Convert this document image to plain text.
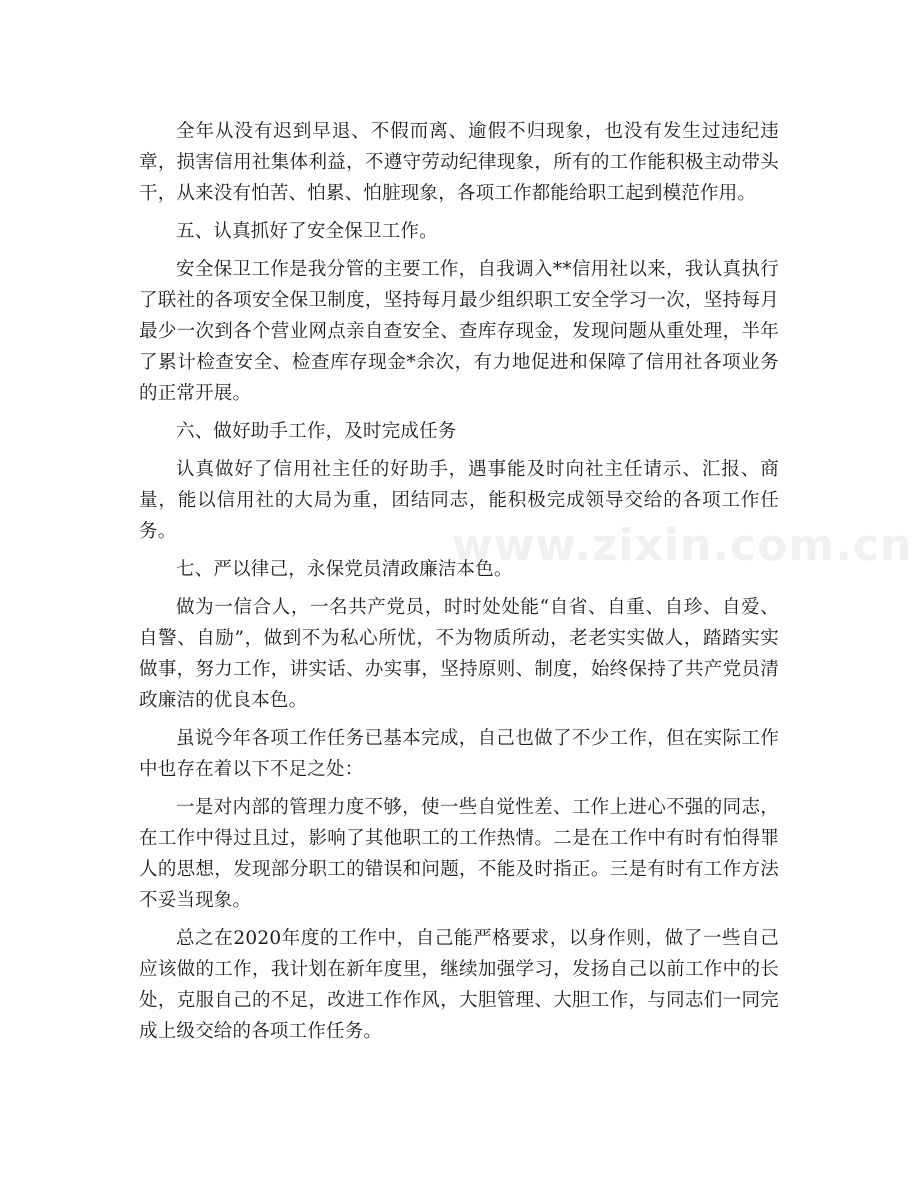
全年从没有迟到早退、不假而离、逾假不归现象，也没有发生过违纪违章，损害信用社集体利益，不遵守劳动纪律现象，所有的工作能积极主动带头干，从来没有怕苦、怕累、怕脏现象，各项工作都能给职工起到模范作用。

五、认真抓好了安全保卫工作。

安全保卫工作是我分管的主要工作，自我调入**信用社以来，我认真执行了联社的各项安全保卫制度，坚持每月最少组织职工安全学习一次，坚持每月最少一次到各个营业网点亲自查安全、查库存现金，发现问题从重处理，半年了累计检查安全、检查库存现金*余次，有力地促进和保障了信用社各项业务的正常开展。

六、做好助手工作，及时完成任务

认真做好了信用社主任的好助手，遇事能及时向社主任请示、汇报、商量，能以信用社的大局为重，团结同志，能积极完成领导交给的各项工作任务。

七、严以律己，永保党员清政廉洁本色。

做为一信合人，一名共产党员，时时处处能“自省、自重、自珍、自爱、自警、自励”，做到不为私心所忧，不为物质所动，老老实实做人，踏踏实实做事，努力工作，讲实话、办实事，坚持原则、制度，始终保持了共产党员清政廉洁的优良本色。

虽说今年各项工作任务已基本完成，自己也做了不少工作，但在实际工作中也存在着以下不足之处：

一是对内部的管理力度不够，使一些自觉性差、工作上进心不强的同志，在工作中得过且过，影响了其他职工的工作热情。二是在工作中有时有怕得罪人的思想，发现部分职工的错误和问题，不能及时指正。三是有时有工作方法不妥当现象。

总之在2020年度的工作中，自己能严格要求，以身作则，做了一些自己应该做的工作，我计划在新年度里，继续加强学习，发扬自己以前工作中的长处，克服自己的不足，改进工作作风，大胆管理、大胆工作，与同志们一同完成上级交给的各项工作任务。

www.zixin.com.cn
